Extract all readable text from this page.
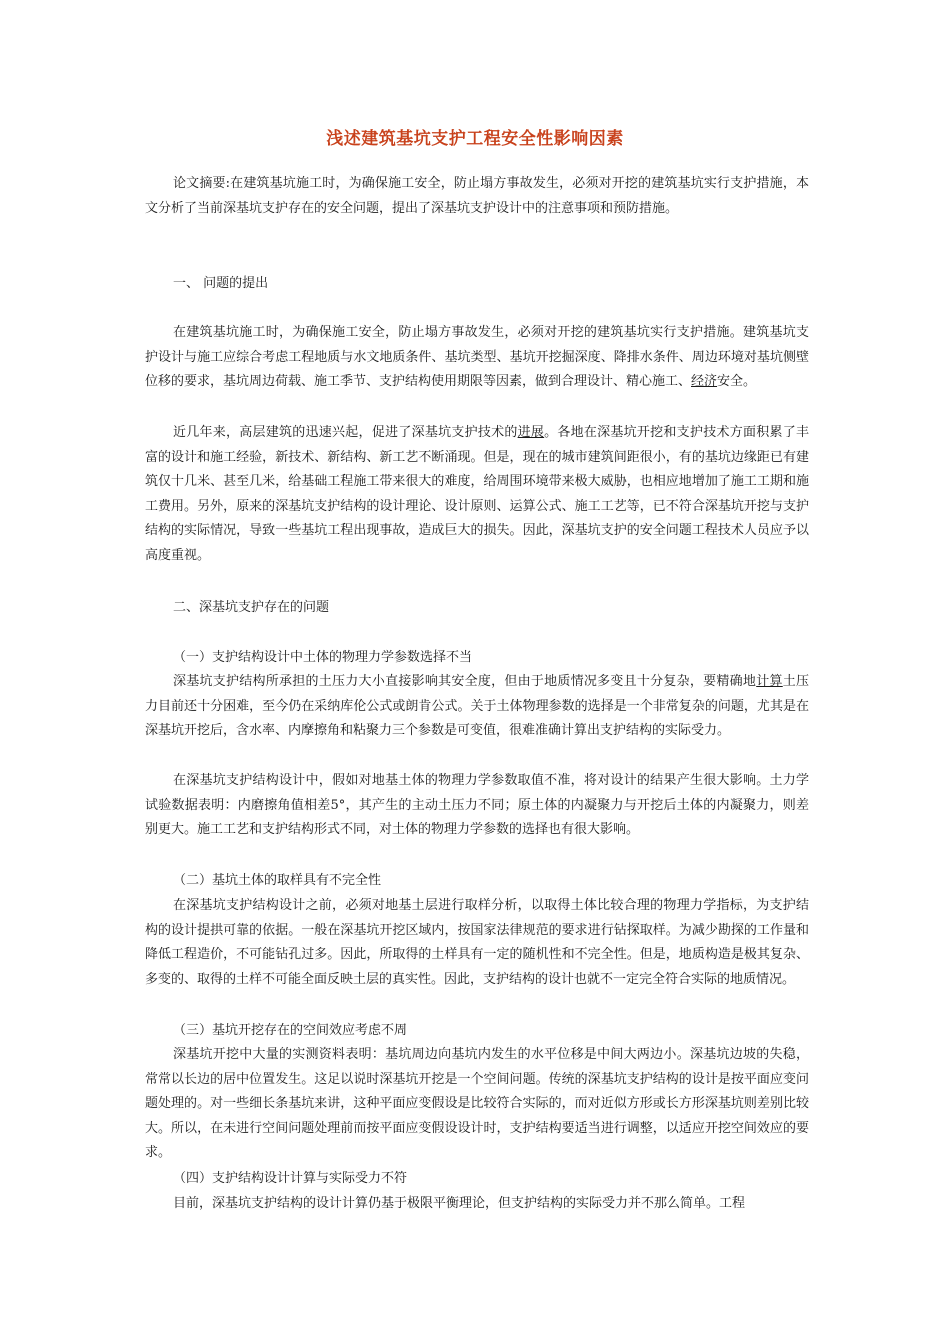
浅述建筑基坑支护工程安全性影响因素

论文摘要:在建筑基坑施工时，为确保施工安全，防止塌方事故发生，必须对开挖的建筑基坑实行支护措施，本文分析了当前深基坑支护存在的安全问题，提出了深基坑支护设计中的注意事项和预防措施。

一、 问题的提出

在建筑基坑施工时，为确保施工安全，防止塌方事故发生，必须对开挖的建筑基坑实行支护措施。建筑基坑支护设计与施工应综合考虑工程地质与水文地质条件、基坑类型、基坑开挖掘深度、降排水条件、周边环境对基坑侧壁位移的要求，基坑周边荷载、施工季节、支护结构使用期限等因素，做到合理设计、精心施工、经济安全。

近几年来，高层建筑的迅速兴起，促进了深基坑支护技术的进展。各地在深基坑开挖和支护技术方面积累了丰富的设计和施工经验，新技术、新结构、新工艺不断涌现。但是，现在的城市建筑间距很小，有的基坑边缘距已有建筑仅十几米、甚至几米，给基础工程施工带来很大的难度，给周围环境带来极大威胁，也相应地增加了施工工期和施工费用。另外，原来的深基坑支护结构的设计理论、设计原则、运算公式、施工工艺等，已不符合深基坑开挖与支护结构的实际情况，导致一些基坑工程出现事故，造成巨大的损失。因此，深基坑支护的安全问题工程技术人员应予以高度重视。

二、深基坑支护存在的问题
（一）支护结构设计中土体的物理力学参数选择不当

深基坑支护结构所承担的土压力大小直接影响其安全度，但由于地质情况多变且十分复杂，要精确地计算土压力目前还十分困难，至今仍在采纳库伦公式或朗肯公式。关于土体物理参数的选择是一个非常复杂的问题，尤其是在深基坑开挖后，含水率、内摩擦角和粘聚力三个参数是可变值，很难准确计算出支护结构的实际受力。

在深基坑支护结构设计中，假如对地基土体的物理力学参数取值不准，将对设计的结果产生很大影响。土力学试验数据表明：内磨擦角值相差5°，其产生的主动土压力不同；原土体的内凝聚力与开挖后土体的内凝聚力，则差别更大。施工工艺和支护结构形式不同，对土体的物理力学参数的选择也有很大影响。

（二）基坑土体的取样具有不完全性

在深基坑支护结构设计之前，必须对地基土层进行取样分析，以取得土体比较合理的物理力学指标，为支护结构的设计提拱可靠的依据。一般在深基坑开挖区域内，按国家法律规范的要求进行钻探取样。为减少勘探的工作量和降低工程造价，不可能钻孔过多。因此，所取得的土样具有一定的随机性和不完全性。但是，地质构造是极其复杂、多变的、取得的土样不可能全面反映土层的真实性。因此，支护结构的设计也就不一定完全符合实际的地质情况。

（三）基坑开挖存在的空间效应考虑不周

深基坑开挖中大量的实测资料表明：基坑周边向基坑内发生的水平位移是中间大两边小。深基坑边坡的失稳，常常以长边的居中位置发生。这足以说时深基坑开挖是一个空间问题。传统的深基坑支护结构的设计是按平面应变问题处理的。对一些细长条基坑来讲，这种平面应变假设是比较符合实际的，而对近似方形或长方形深基坑则差别比较大。所以，在未进行空间问题处理前而按平面应变假设设计时，支护结构要适当进行调整，以适应开挖空间效应的要求。

（四）支护结构设计计算与实际受力不符

目前，深基坑支护结构的设计计算仍基于极限平衡理论，但支护结构的实际受力并不那么简单。工程
